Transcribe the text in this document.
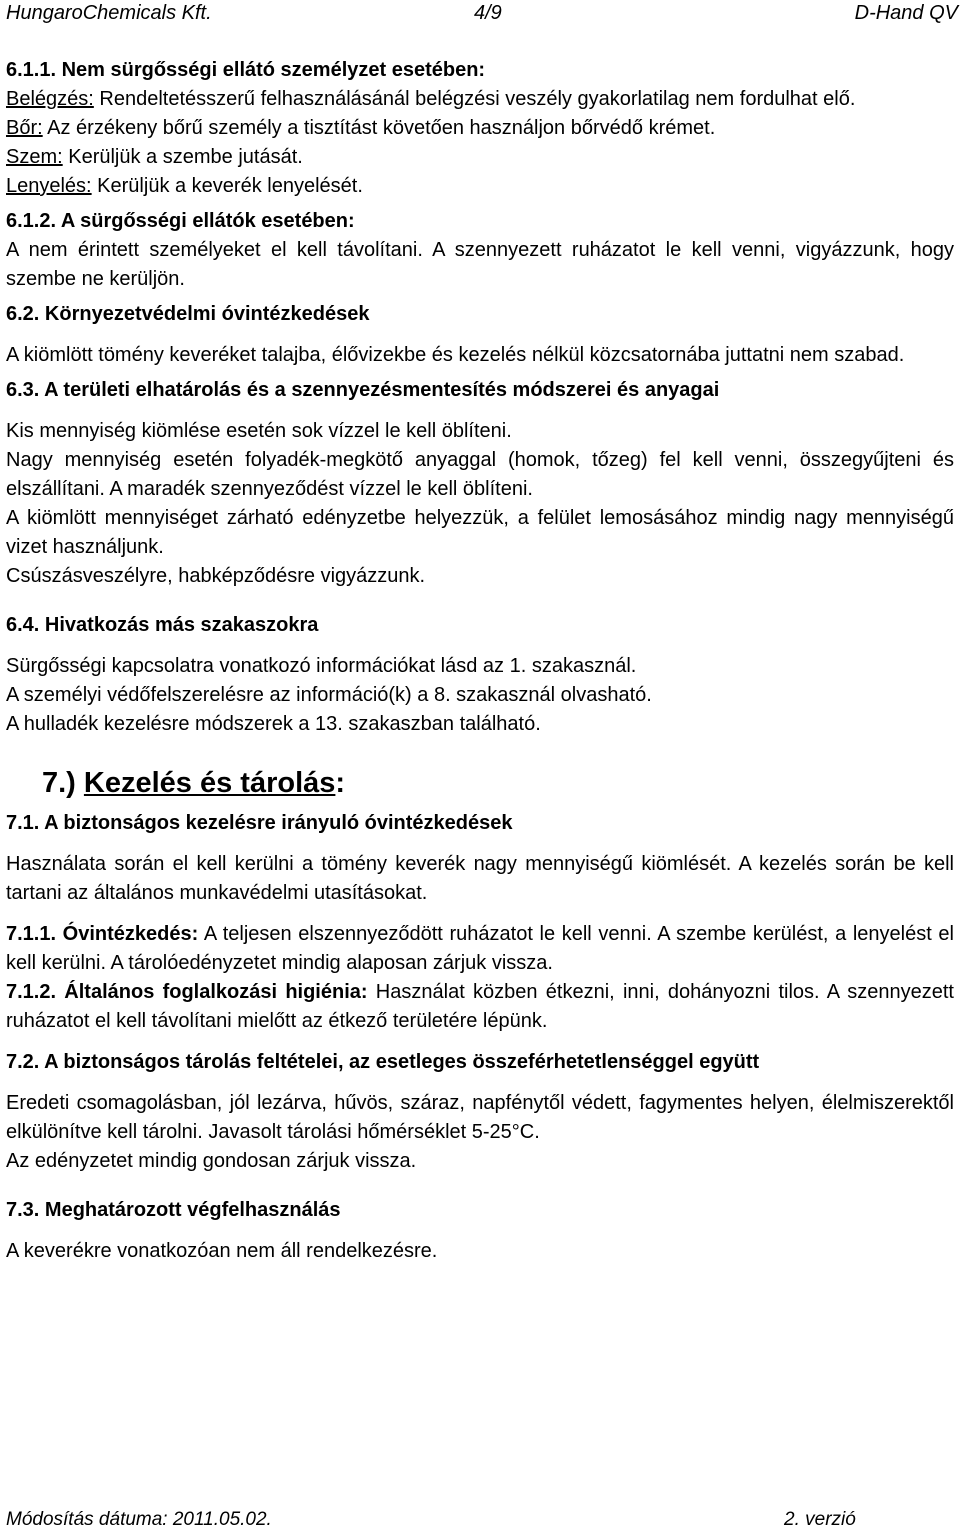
HungaroChemicals Kft.	4/9	D-Hand QV

6.1.1. Nem sürgősségi ellátó személyzet esetében:

Belégzés: Rendeltetésszerű felhasználásánál belégzési veszély gyakorlatilag nem fordulhat elő.

Bőr: Az érzékeny bőrű személy a tisztítást követően használjon bőrvédő krémet.

Szem: Kerüljük a szembe jutását.

Lenyelés: Kerüljük a keverék lenyelését.

6.1.2. A sürgősségi ellátók esetében:

A nem érintett személyeket el kell távolítani. A szennyezett ruházatot le kell venni, vigyázzunk, hogy szembe ne kerüljön.

6.2. Környezetvédelmi óvintézkedések

A kiömlött tömény keveréket talajba, élővizekbe és kezelés nélkül közcsatornába juttatni nem szabad.

6.3. A területi elhatárolás és a szennyezésmentesítés módszerei és anyagai

Kis mennyiség kiömlése esetén sok vízzel le kell öblíteni.

Nagy mennyiség esetén folyadék-megkötő anyaggal (homok, tőzeg) fel kell venni, összegyűjteni és elszállítani. A maradék szennyeződést vízzel le kell öblíteni.

A kiömlött mennyiséget zárható edényzetbe helyezzük, a felület lemosásához mindig nagy mennyiségű vizet használjunk.

Csúszásveszélyre, habképződésre vigyázzunk.

6.4. Hivatkozás más szakaszokra

Sürgősségi kapcsolatra vonatkozó információkat lásd az 1. szakasznál.

A személyi védőfelszerelésre az információ(k) a 8. szakasznál olvasható.

A hulladék kezelésre módszerek a 13. szakaszban található.

7.) Kezelés és tárolás:

7.1. A biztonságos kezelésre irányuló óvintézkedések

Használata során el kell kerülni a tömény keverék nagy mennyiségű kiömlését. A kezelés során be kell tartani az általános munkavédelmi utasításokat.

7.1.1. Óvintézkedés: A teljesen elszennyeződött ruházatot le kell venni. A szembe kerülést, a lenyelést el kell kerülni. A tárolóedényzetet mindig alaposan zárjuk vissza.

7.1.2. Általános foglalkozási higiénia: Használat közben étkezni, inni, dohányozni tilos. A szennyezett ruházatot el kell távolítani mielőtt az étkező területére lépünk.

7.2. A biztonságos tárolás feltételei, az esetleges összeférhetetlenséggel együtt

Eredeti csomagolásban, jól lezárva, hűvös, száraz, napfénytől védett, fagymentes helyen, élelmiszerektől elkülönítve kell tárolni. Javasolt tárolási hőmérséklet 5-25°C.

Az edényzetet mindig gondosan zárjuk vissza.

7.3. Meghatározott végfelhasználás

A keverékre vonatkozóan nem áll rendelkezésre.

Módosítás dátuma: 2011.05.02.	2. verzió
